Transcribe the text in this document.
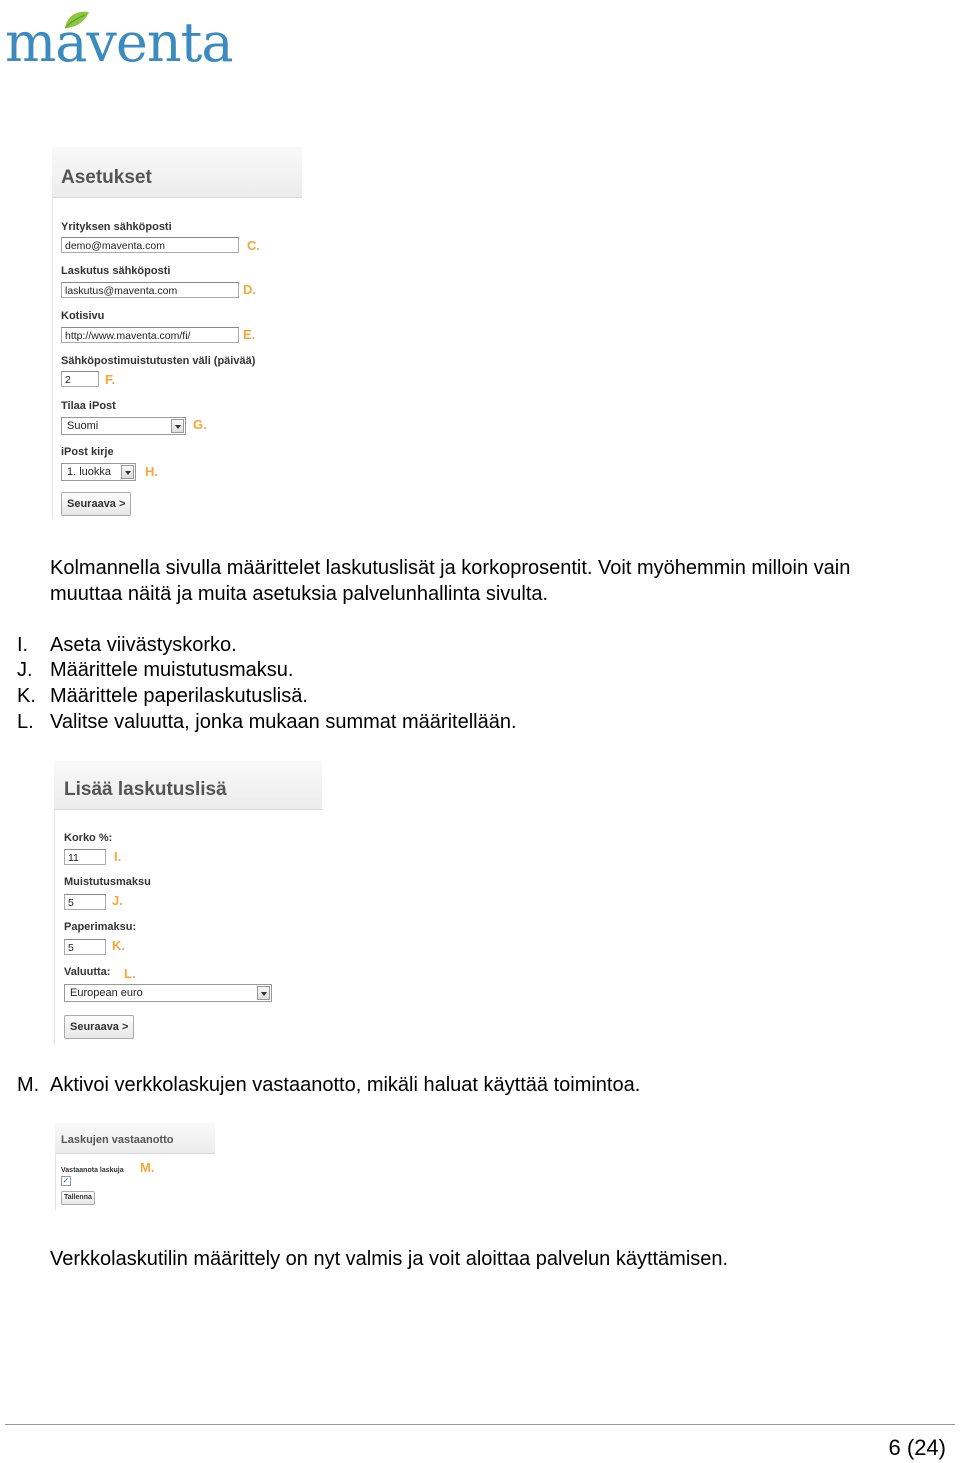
maventa
Asetukset
Yrityksen sähköposti
demo@maventa.com	C.
Laskutus sähköposti
laskutus@maventa.com	D.
Kotisivu
http://www.maventa.com/fi/	E.
Sähköpostimuistutusten väli (päivää)
2	F.
Tilaa iPost
Suomi	G.
iPost kirje
1. luokka	H.
Seuraava >
Kolmannella sivulla määrittelet laskutuslisät ja korkoprosentit. Voit myöhemmin milloin vain
muuttaa näitä ja muita asetuksia palvelunhallinta sivulta.
I. Aseta viivästyskorko.
J. Määrittele muistutusmaksu.
K. Määrittele paperilaskutuslisä.
L. Valitse valuutta, jonka mukaan summat määritellään.
Lisää laskutuslisä
Korko %:
11	I.
Muistutusmaksu
5	J.
Paperimaksu:
5	K.
Valuutta: L.
European euro
Seuraava >
M. Aktivoi verkkolaskujen vastaanotto, mikäli haluat käyttää toimintoa.
Laskujen vastaanotto
Vastaanota laskuja
✓
M.
Tallenna
Verkkolaskutilin määrittely on nyt valmis ja voit aloittaa palvelun käyttämisen.
6 (24)
